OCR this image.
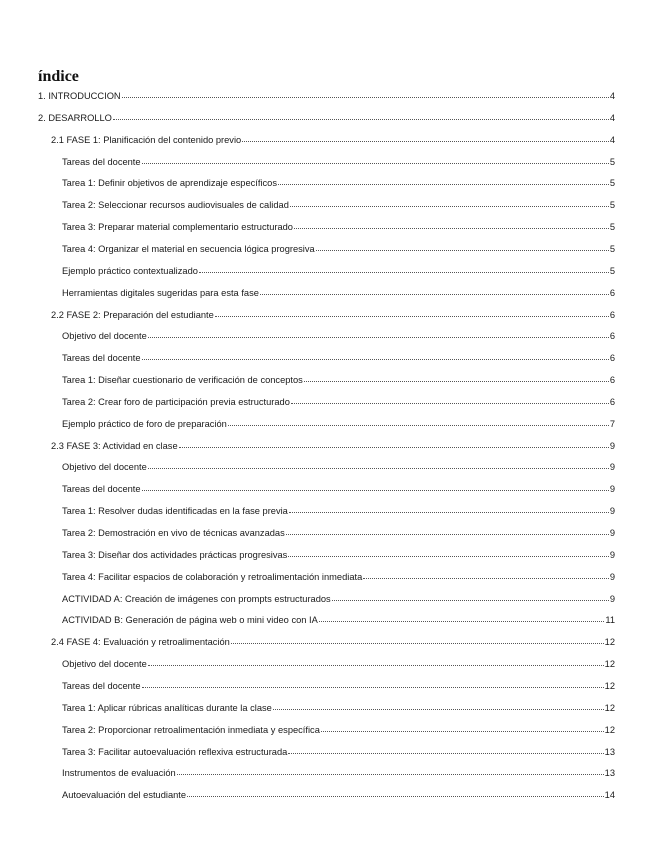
índice
1. INTRODUCCION	4
2. DESARROLLO	4
2.1 FASE 1: Planificación del contenido previo	4
Tareas del docente	5
Tarea 1: Definir objetivos de aprendizaje específicos	5
Tarea 2: Seleccionar recursos audiovisuales de calidad	5
Tarea 3: Preparar material complementario estructurado	5
Tarea 4: Organizar el material en secuencia lógica progresiva	5
Ejemplo práctico contextualizado	5
Herramientas digitales sugeridas para esta fase	6
2.2 FASE 2: Preparación del estudiante	6
Objetivo del docente	6
Tareas del docente	6
Tarea 1: Diseñar cuestionario de verificación de conceptos	6
Tarea 2: Crear foro de participación previa estructurado	6
Ejemplo práctico de foro de preparación	7
2.3 FASE 3: Actividad en clase	9
Objetivo del docente	9
Tareas del docente	9
Tarea 1: Resolver dudas identificadas en la fase previa	9
Tarea 2: Demostración en vivo de técnicas avanzadas	9
Tarea 3: Diseñar dos actividades prácticas progresivas	9
Tarea 4: Facilitar espacios de colaboración y retroalimentación inmediata	9
ACTIVIDAD A: Creación de imágenes con prompts estructurados	9
ACTIVIDAD B: Generación de página web o mini video con IA	11
2.4 FASE 4: Evaluación y retroalimentación	12
Objetivo del docente	12
Tareas del docente	12
Tarea 1: Aplicar rúbricas analíticas durante la clase	12
Tarea 2: Proporcionar retroalimentación inmediata y específica	12
Tarea 3: Facilitar autoevaluación reflexiva estructurada	13
Instrumentos de evaluación	13
Autoevaluación del estudiante	14
